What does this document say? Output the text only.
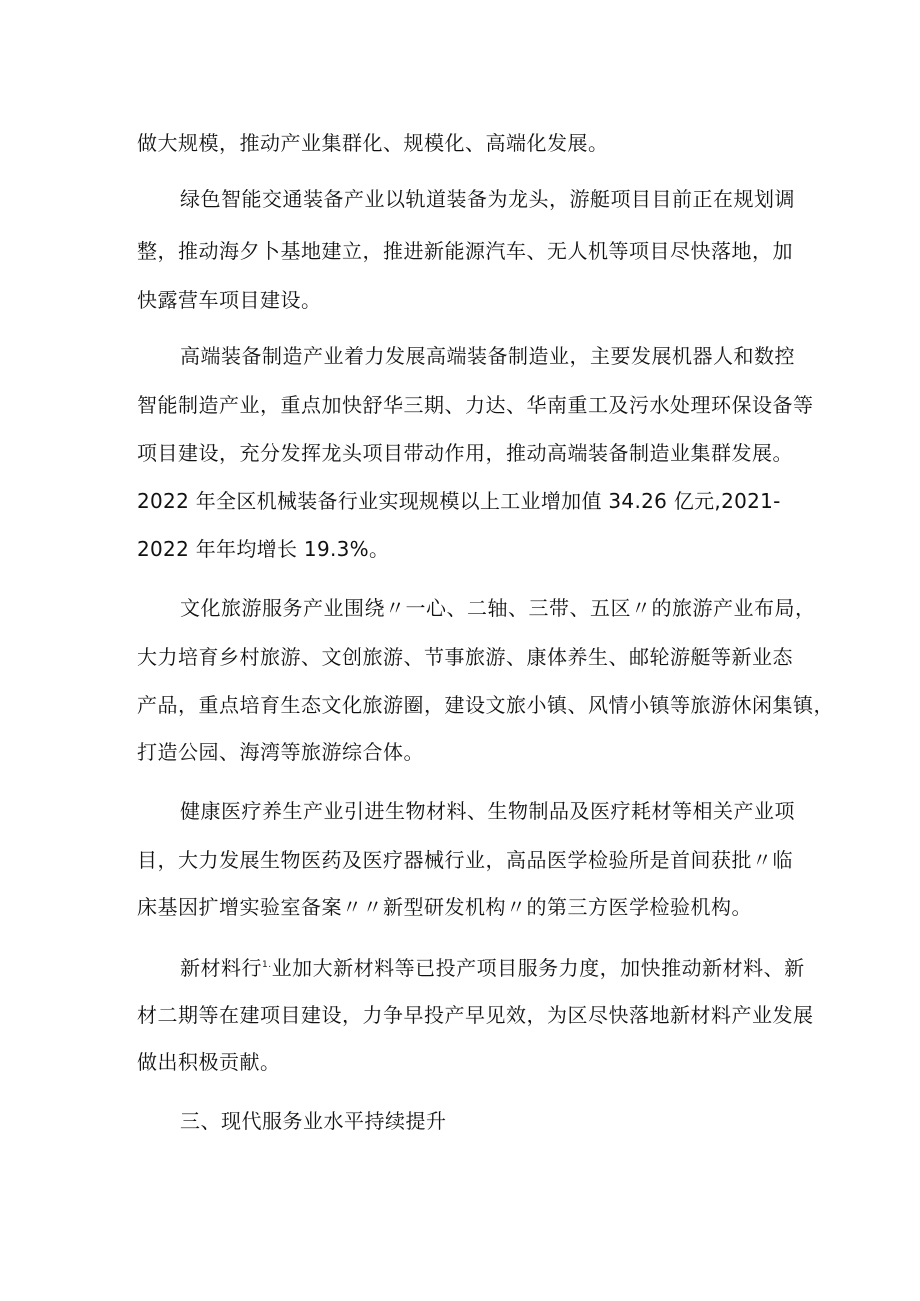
做大规模，推动产业集群化、规模化、高端化发展。
绿色智能交通装备产业以轨道装备为龙头，游艇项目目前正在规划调
整，推动海夕卜基地建立，推进新能源汽车、无人机等项目尽快落地，加
快露营车项目建设。
高端装备制造产业着力发展高端装备制造业，主要发展机器人和数控
智能制造产业，重点加快舒华三期、力达、华南重工及污水处理环保设备等
项目建设，充分发挥龙头项目带动作用，推动高端装备制造业集群发展。
2022 年全区机械装备行业实现规模以上工业增加值 34.26 亿元,2021-
2022 年年均增长 19.3%。
文化旅游服务产业围绕〃一心、二轴、三带、五区〃的旅游产业布局，
大力培育乡村旅游、文创旅游、节事旅游、康体养生、邮轮游艇等新业态
产品，重点培育生态文化旅游圈，建设文旅小镇、风情小镇等旅游休闲集镇，
打造公园、海湾等旅游综合体。
健康医疗养生产业引进生物材料、生物制品及医疗耗材等相关产业项
目，大力发展生物医药及医疗器械行业，高品医学检验所是首间获批〃临
床基因扩增实验室备案〃〃新型研发机构〃的第三方医学检验机构。
新材料行$^{1.}$业加大新材料等已投产项目服务力度，加快推动新材料、新
材二期等在建项目建设，力争早投产早见效，为区尽快落地新材料产业发展
做出积极贡献。
三、现代服务业水平持续提升
